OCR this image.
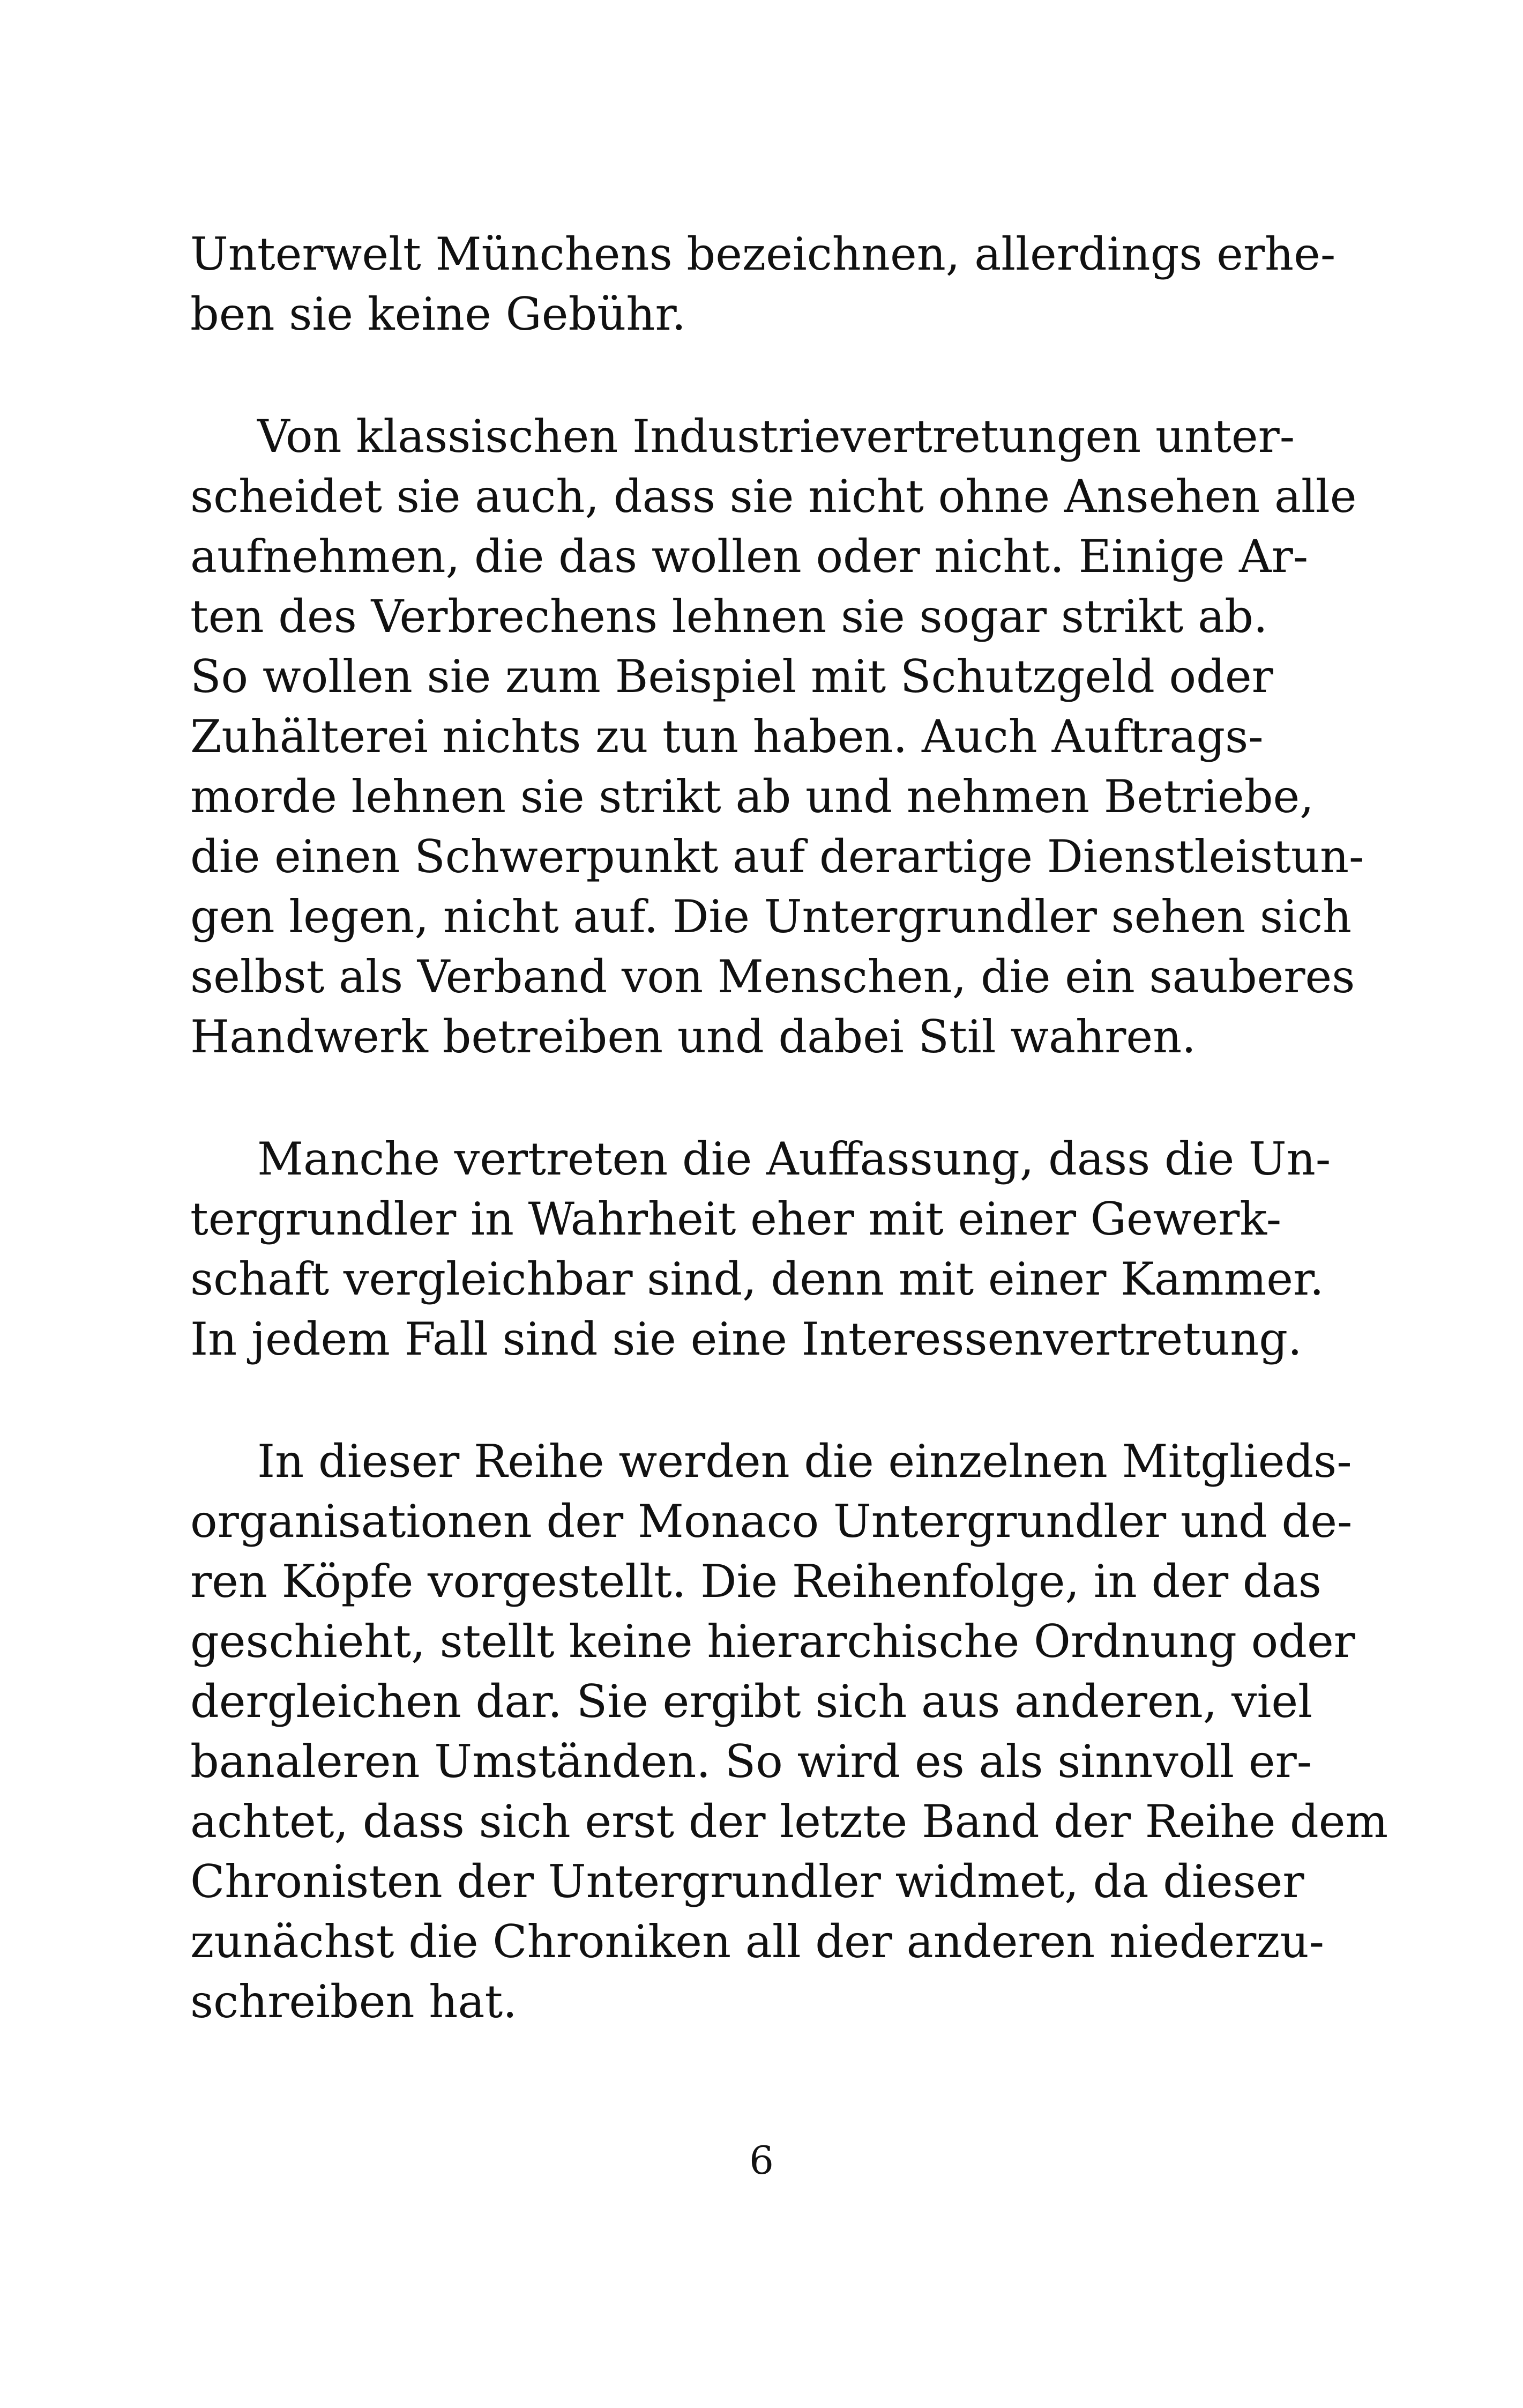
Unterwelt Münchens bezeichnen, allerdings erhe-
ben sie keine Gebühr.
Von klassischen Industrievertretungen unter-
scheidet sie auch, dass sie nicht ohne Ansehen alle
aufnehmen, die das wollen oder nicht. Einige Ar-
ten des Verbrechens lehnen sie sogar strikt ab.
So wollen sie zum Beispiel mit Schutzgeld oder
Zuhälterei nichts zu tun haben. Auch Auftrags-
morde lehnen sie strikt ab und nehmen Betriebe,
die einen Schwerpunkt auf derartige Dienstleistun-
gen legen, nicht auf. Die Untergrundler sehen sich
selbst als Verband von Menschen, die ein sauberes
Handwerk betreiben und dabei Stil wahren.
Manche vertreten die Auffassung, dass die Un-
tergrundler in Wahrheit eher mit einer Gewerk-
schaft vergleichbar sind, denn mit einer Kammer.
In jedem Fall sind sie eine Interessenvertretung.
In dieser Reihe werden die einzelnen Mitglieds-
organisationen der Monaco Untergrundler und de-
ren Köpfe vorgestellt. Die Reihenfolge, in der das
geschieht, stellt keine hierarchische Ordnung oder
dergleichen dar. Sie ergibt sich aus anderen, viel
banaleren Umständen. So wird es als sinnvoll er-
achtet, dass sich erst der letzte Band der Reihe dem
Chronisten der Untergrundler widmet, da dieser
zunächst die Chroniken all der anderen niederzu-
schreiben hat.
6
